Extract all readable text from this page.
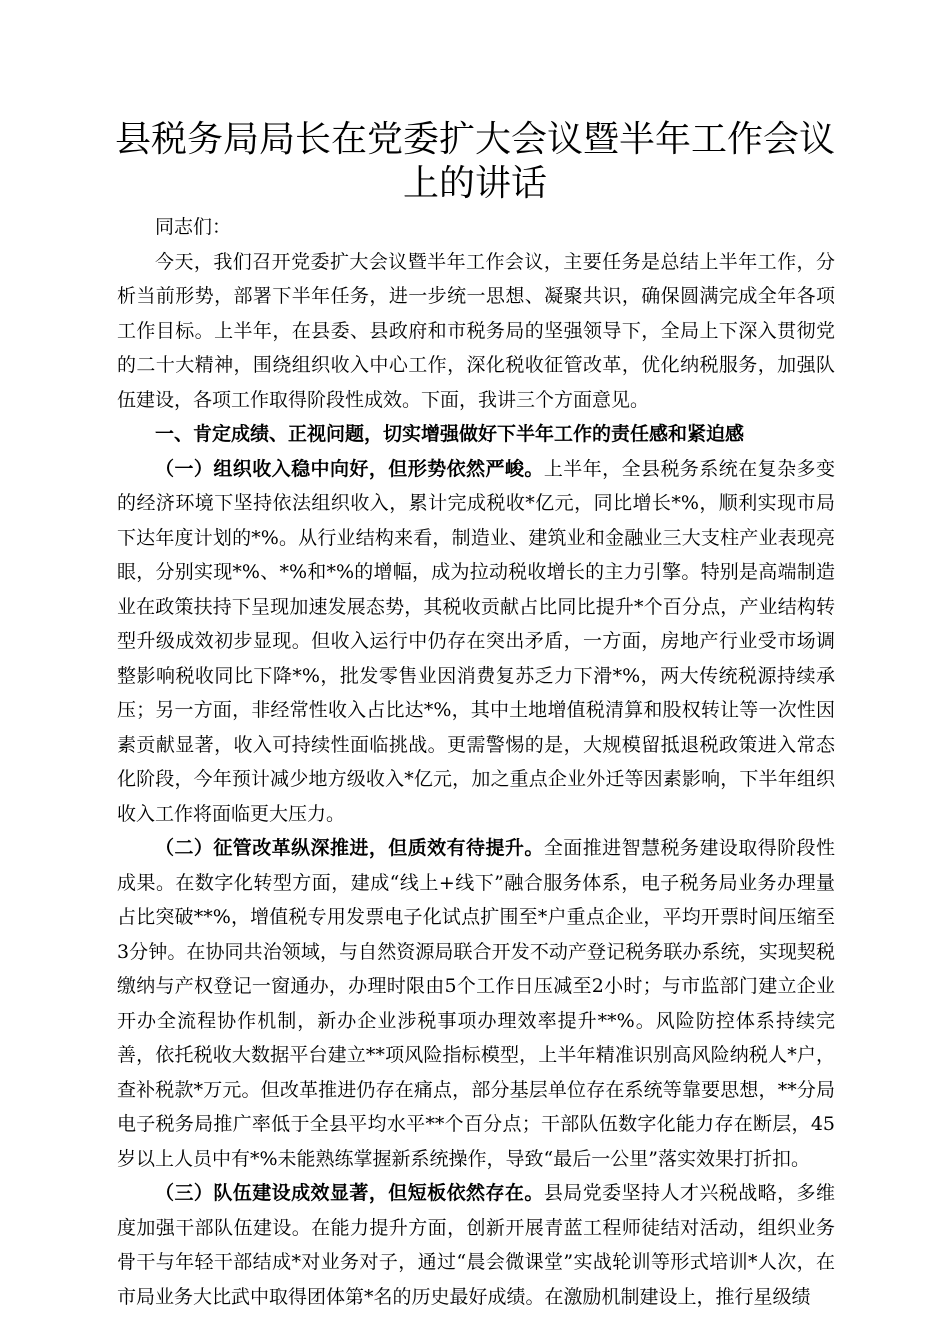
县税务局局长在党委扩大会议暨半年工作会议
上的讲话

同志们：

今天，我们召开党委扩大会议暨半年工作会议，主要任务是总结上半年工作，分析当前形势，部署下半年任务，进一步统一思想、凝聚共识，确保圆满完成全年各项工作目标。上半年，在县委、县政府和市税务局的坚强领导下，全局上下深入贯彻党的二十大精神，围绕组织收入中心工作，深化税收征管改革，优化纳税服务，加强队伍建设，各项工作取得阶段性成效。下面，我讲三个方面意见。

一、肯定成绩、正视问题，切实增强做好下半年工作的责任感和紧迫感

（一）组织收入稳中向好，但形势依然严峻。上半年，全县税务系统在复杂多变的经济环境下坚持依法组织收入，累计完成税收*亿元，同比增长*%，顺利实现市局下达年度计划的*%。从行业结构来看，制造业、建筑业和金融业三大支柱产业表现亮眼，分别实现*%、*%和*%的增幅，成为拉动税收增长的主力引擎。特别是高端制造业在政策扶持下呈现加速发展态势，其税收贡献占比同比提升*个百分点，产业结构转型升级成效初步显现。但收入运行中仍存在突出矛盾，一方面，房地产行业受市场调整影响税收同比下降*%，批发零售业因消费复苏乏力下滑*%，两大传统税源持续承压；另一方面，非经常性收入占比达*%，其中土地增值税清算和股权转让等一次性因素贡献显著，收入可持续性面临挑战。更需警惕的是，大规模留抵退税政策进入常态化阶段，今年预计减少地方级收入*亿元，加之重点企业外迁等因素影响，下半年组织收入工作将面临更大压力。

（二）征管改革纵深推进，但质效有待提升。全面推进智慧税务建设取得阶段性成果。在数字化转型方面，建成“线上+线下”融合服务体系，电子税务局业务办理量占比突破**%，增值税专用发票电子化试点扩围至*户重点企业，平均开票时间压缩至3分钟。在协同共治领域，与自然资源局联合开发不动产登记税务联办系统，实现契税缴纳与产权登记一窗通办，办理时限由5个工作日压减至2小时；与市监部门建立企业开办全流程协作机制，新办企业涉税事项办理效率提升**%。风险防控体系持续完善，依托税收大数据平台建立**项风险指标模型，上半年精准识别高风险纳税人*户，查补税款*万元。但改革推进仍存在痛点，部分基层单位存在系统等靠要思想，**分局电子税务局推广率低于全县平均水平**个百分点；干部队伍数字化能力存在断层，45岁以上人员中有*%未能熟练掌握新系统操作，导致“最后一公里”落实效果打折扣。

（三）队伍建设成效显著，但短板依然存在。县局党委坚持人才兴税战略，多维度加强干部队伍建设。在能力提升方面，创新开展青蓝工程师徒结对活动，组织业务骨干与年轻干部结成*对业务对子，通过“晨会微课堂”实战轮训等形式培训*人次，在市局业务大比武中取得团体第*名的历史最好成绩。在激励机制建设上，推行星级绩
